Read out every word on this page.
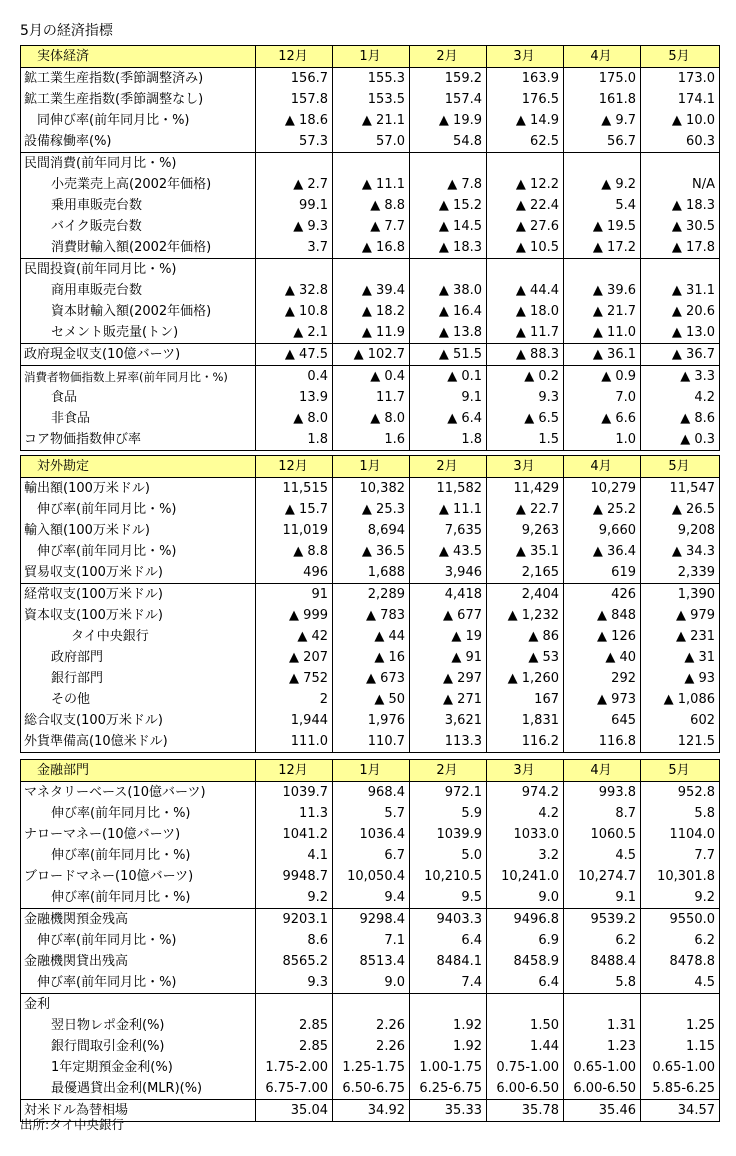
5月の経済指標
実体経済	12月	1月	2月	3月	4月	5月
鉱工業生産指数(季節調整済み)	156.7	155.3	159.2	163.9	175.0	173.0
鉱工業生産指数(季節調整なし)	157.8	153.5	157.4	176.5	161.8	174.1
同伸び率(前年同月比・%)	▲ 18.6	▲ 21.1	▲ 19.9	▲ 14.9	▲ 9.7	▲ 10.0
設備稼働率(%)	57.3	57.0	54.8	62.5	56.7	60.3
民間消費(前年同月比・%)						
小売業売上高(2002年価格)	▲ 2.7	▲ 11.1	▲ 7.8	▲ 12.2	▲ 9.2	N/A
乗用車販売台数	99.1	▲ 8.8	▲ 15.2	▲ 22.4	5.4	▲ 18.3
バイク販売台数	▲ 9.3	▲ 7.7	▲ 14.5	▲ 27.6	▲ 19.5	▲ 30.5
消費財輸入額(2002年価格)	3.7	▲ 16.8	▲ 18.3	▲ 10.5	▲ 17.2	▲ 17.8
民間投資(前年同月比・%)						
商用車販売台数	▲ 32.8	▲ 39.4	▲ 38.0	▲ 44.4	▲ 39.6	▲ 31.1
資本財輸入額(2002年価格)	▲ 10.8	▲ 18.2	▲ 16.4	▲ 18.0	▲ 21.7	▲ 20.6
セメント販売量(トン)	▲ 2.1	▲ 11.9	▲ 13.8	▲ 11.7	▲ 11.0	▲ 13.0
政府現金収支(10億バーツ)	▲ 47.5	▲ 102.7	▲ 51.5	▲ 88.3	▲ 36.1	▲ 36.7
消費者物価指数上昇率(前年同月比・%)	0.4	▲ 0.4	▲ 0.1	▲ 0.2	▲ 0.9	▲ 3.3
食品	13.9	11.7	9.1	9.3	7.0	4.2
非食品	▲ 8.0	▲ 8.0	▲ 6.4	▲ 6.5	▲ 6.6	▲ 8.6
コア物価指数伸び率	1.8	1.6	1.8	1.5	1.0	▲ 0.3
対外勘定	12月	1月	2月	3月	4月	5月
輸出額(100万米ドル)	11,515	10,382	11,582	11,429	10,279	11,547
伸び率(前年同月比・%)	▲ 15.7	▲ 25.3	▲ 11.1	▲ 22.7	▲ 25.2	▲ 26.5
輸入額(100万米ドル)	11,019	8,694	7,635	9,263	9,660	9,208
伸び率(前年同月比・%)	▲ 8.8	▲ 36.5	▲ 43.5	▲ 35.1	▲ 36.4	▲ 34.3
貿易収支(100万米ドル)	496	1,688	3,946	2,165	619	2,339
経常収支(100万米ドル)	91	2,289	4,418	2,404	426	1,390
資本収支(100万米ドル)	▲ 999	▲ 783	▲ 677	▲ 1,232	▲ 848	▲ 979
タイ中央銀行	▲ 42	▲ 44	▲ 19	▲ 86	▲ 126	▲ 231
政府部門	▲ 207	▲ 16	▲ 91	▲ 53	▲ 40	▲ 31
銀行部門	▲ 752	▲ 673	▲ 297	▲ 1,260	292	▲ 93
その他	2	▲ 50	▲ 271	167	▲ 973	▲ 1,086
総合収支(100万米ドル)	1,944	1,976	3,621	1,831	645	602
外貨準備高(10億米ドル)	111.0	110.7	113.3	116.2	116.8	121.5
金融部門	12月	1月	2月	3月	4月	5月
マネタリーベース(10億バーツ)	1039.7	968.4	972.1	974.2	993.8	952.8
伸び率(前年同月比・%)	11.3	5.7	5.9	4.2	8.7	5.8
ナローマネー(10億バーツ)	1041.2	1036.4	1039.9	1033.0	1060.5	1104.0
伸び率(前年同月比・%)	4.1	6.7	5.0	3.2	4.5	7.7
ブロードマネー(10億バーツ)	9948.7	10,050.4	10,210.5	10,241.0	10,274.7	10,301.8
伸び率(前年同月比・%)	9.2	9.4	9.5	9.0	9.1	9.2
金融機関預金残高	9203.1	9298.4	9403.3	9496.8	9539.2	9550.0
伸び率(前年同月比・%)	8.6	7.1	6.4	6.9	6.2	6.2
金融機関貸出残高	8565.2	8513.4	8484.1	8458.9	8488.4	8478.8
伸び率(前年同月比・%)	9.3	9.0	7.4	6.4	5.8	4.5
金利						
翌日物レポ金利(%)	2.85	2.26	1.92	1.50	1.31	1.25
銀行間取引金利(%)	2.85	2.26	1.92	1.44	1.23	1.15
1年定期預金金利(%)	1.75-2.00	1.25-1.75	1.00-1.75	0.75-1.00	0.65-1.00	0.65-1.00
最優遇貸出金利(MLR)(%)	6.75-7.00	6.50-6.75	6.25-6.75	6.00-6.50	6.00-6.50	5.85-6.25
対米ドル為替相場	35.04	34.92	35.33	35.78	35.46	34.57
出所:タイ中央銀行
